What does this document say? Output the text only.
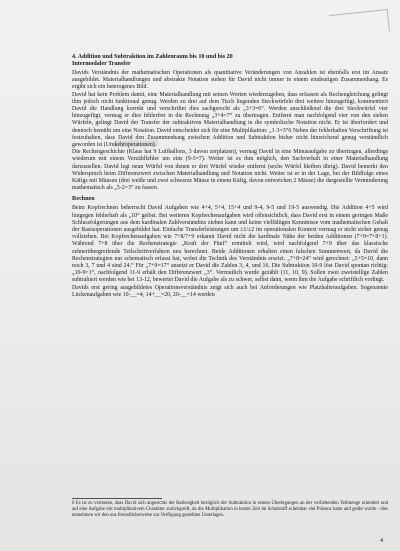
4. Addition und Subtraktion im Zahlenraum bis 10 und bis 20
Intermodaler Transfer

Davids Verständnis der mathematischen Operationen als quantitative Veränderungen von Anzahlen ist ebenfalls erst im Ansatz ausgebildet. Materialhandlungen und abstrakte Notation stehen für David nicht immer in einem eindeutigen Zusammenhang. Es ergibt sich ein heterogenes Bild.

David hat kein Problem damit, eine Materialhandlung mit seinen Worten wiederzugeben, dass erfassen als Rechengleichung gelingt ihm jedoch nicht funktional genug. Werden zu drei auf dem Tisch liegenden Steckwürfeln drei weitere hinzugefügt, kommentiert David die Handlung korrekt und verschriftet dies sachgerecht als „3+3=6“. Werden anschließend die drei Steckwürfel vier hinzugefügt, vermag er dies fehlerfrei in die Rechnung „3+4=7“ zu übertragen. Entfernt man nachfolgend vier von den sieben Würfeln, gelingt David der Transfer der subtraktiven Materialhandlung in die symbolische Notation nicht. Er ist überfordert und dennoch bemüht um eine Notation. David entscheidet sich für eine Multiplikation: „1·3=3“6 Neben der fehlerhaften Verschriftung ist festzuhalten, dass David den Zusammenhang zwischen Addition und Subtraktion bisher nicht hinreichend genug verständlich geworden ist (Umkehroperationen).

Die Rechengeschichte (Klaus hat 9 Luftballons, 3 davon zerplatzen), vermag David in eine Minusaufgabe zu übertragen, allerdings wiederum mit einem Verzählfehler um eins (9-3=7). Weiter ist es ihm möglich, den Sachverhalt in einer Materialhandlung darzustellen. David legt neun Würfel von denen er drei Würfel wieder entfernt (sechs Würfel bleiben übrig). David bemerkt den Widerspruch beim Differenzwert zwischen Materialhandlung und Notation nicht. Weiter ist er in der Lage, bei der Bildfolge eines Käfigs mit Mäusen (drei weiße und zwei schwarze Mäuse in einem Käfig, davon entweichen 2 Mäuse) die dargestellte Verminderung mathematisch als „5-2=3“ zu fassen.

Rechnen

Beim Kopfrechnen beherrscht David Aufgaben wie 4+4, 5+4, 15+4 und 9-4, 9-5 und 19-5 auswendig. Die Addition 4+5 wird hingegen fehlerhaft als „10“ gelöst. Bei weiteren Kopfrechenaufgaben wird offensichtlich, dass David erst in einem geringen Maße Schlussfolgerungen aus dem kardinalen Zahlverständnis ziehen kann und keine vielfältigen Kenntnisse vom mathematischen Gehalt der Basisoperationen ausgebildet hat. Einfache Transferleistungen um ±1/±2 im operationalen Kontext vermag er nicht sicher genug vollziehen. Bei Kopfrechenaufgaben wie 7+8/7+9 erkannt David nicht die kardinale Nähe der beiden Additionen (7+9=7+8+1). Während 7+8 über die Rechenstrategie „Kraft der Fünf“ ermittelt wird, wird nachfolgend 7+9 über das klassische zehnerübergreifende Teilschrittverfahren neu berechnet. Beide Additionen erhalten einen falschen Summenwert, da David die Rechenstrategien nur schematisch erfasst hat, wobei die Technik des Verständnis ersetzt. „7+8=24“ wird gerechnet: „5+5=10, dann noch 3, 7 und 4 sind 24.“ Für „7+9=17“ ansetzt er David die Zahlen 3, 4, und 16. Die Subtraktion 10-9 löst David spontan richtig: „10-9=1“, nachfolgend 11-9 erhält den Differenzwert „3“. Vermutlich wurde gezählt (11, 10, 9). Sollen zwei zweistellige Zahlen subtrahiert werden wie bei 13-12, bewertet David die Aufgabe als zu schwer, selbst dann, wenn ihm die Aufgabe schriftlich vorliegt.

Davids erst gering ausgebildetes Operationsverständnis zeigt sich auch bei Anforderungen wie Platzhalteraufgaben. Sogenannte Lückenaufgaben wie 10-__=4, 14+__=20, 20-__=14 werden

6 Es ist zu vermuten, dass David sich angesichts der Ratlosigkeit bezüglich der Subtraktion in seinen Überlegungen an der vorliebenden Teilmenge orientiert und auf eine Aufgabe mit multiplikativem Charakter zurückgreift, da die Multiplikation in letzter Zeit im Schulstoff scheinbar viel Präsenz hatte und geübt wurde - dies entnehmen wir den uns freundlicherweise zur Verfügung gestellten Unterlagen.

4
